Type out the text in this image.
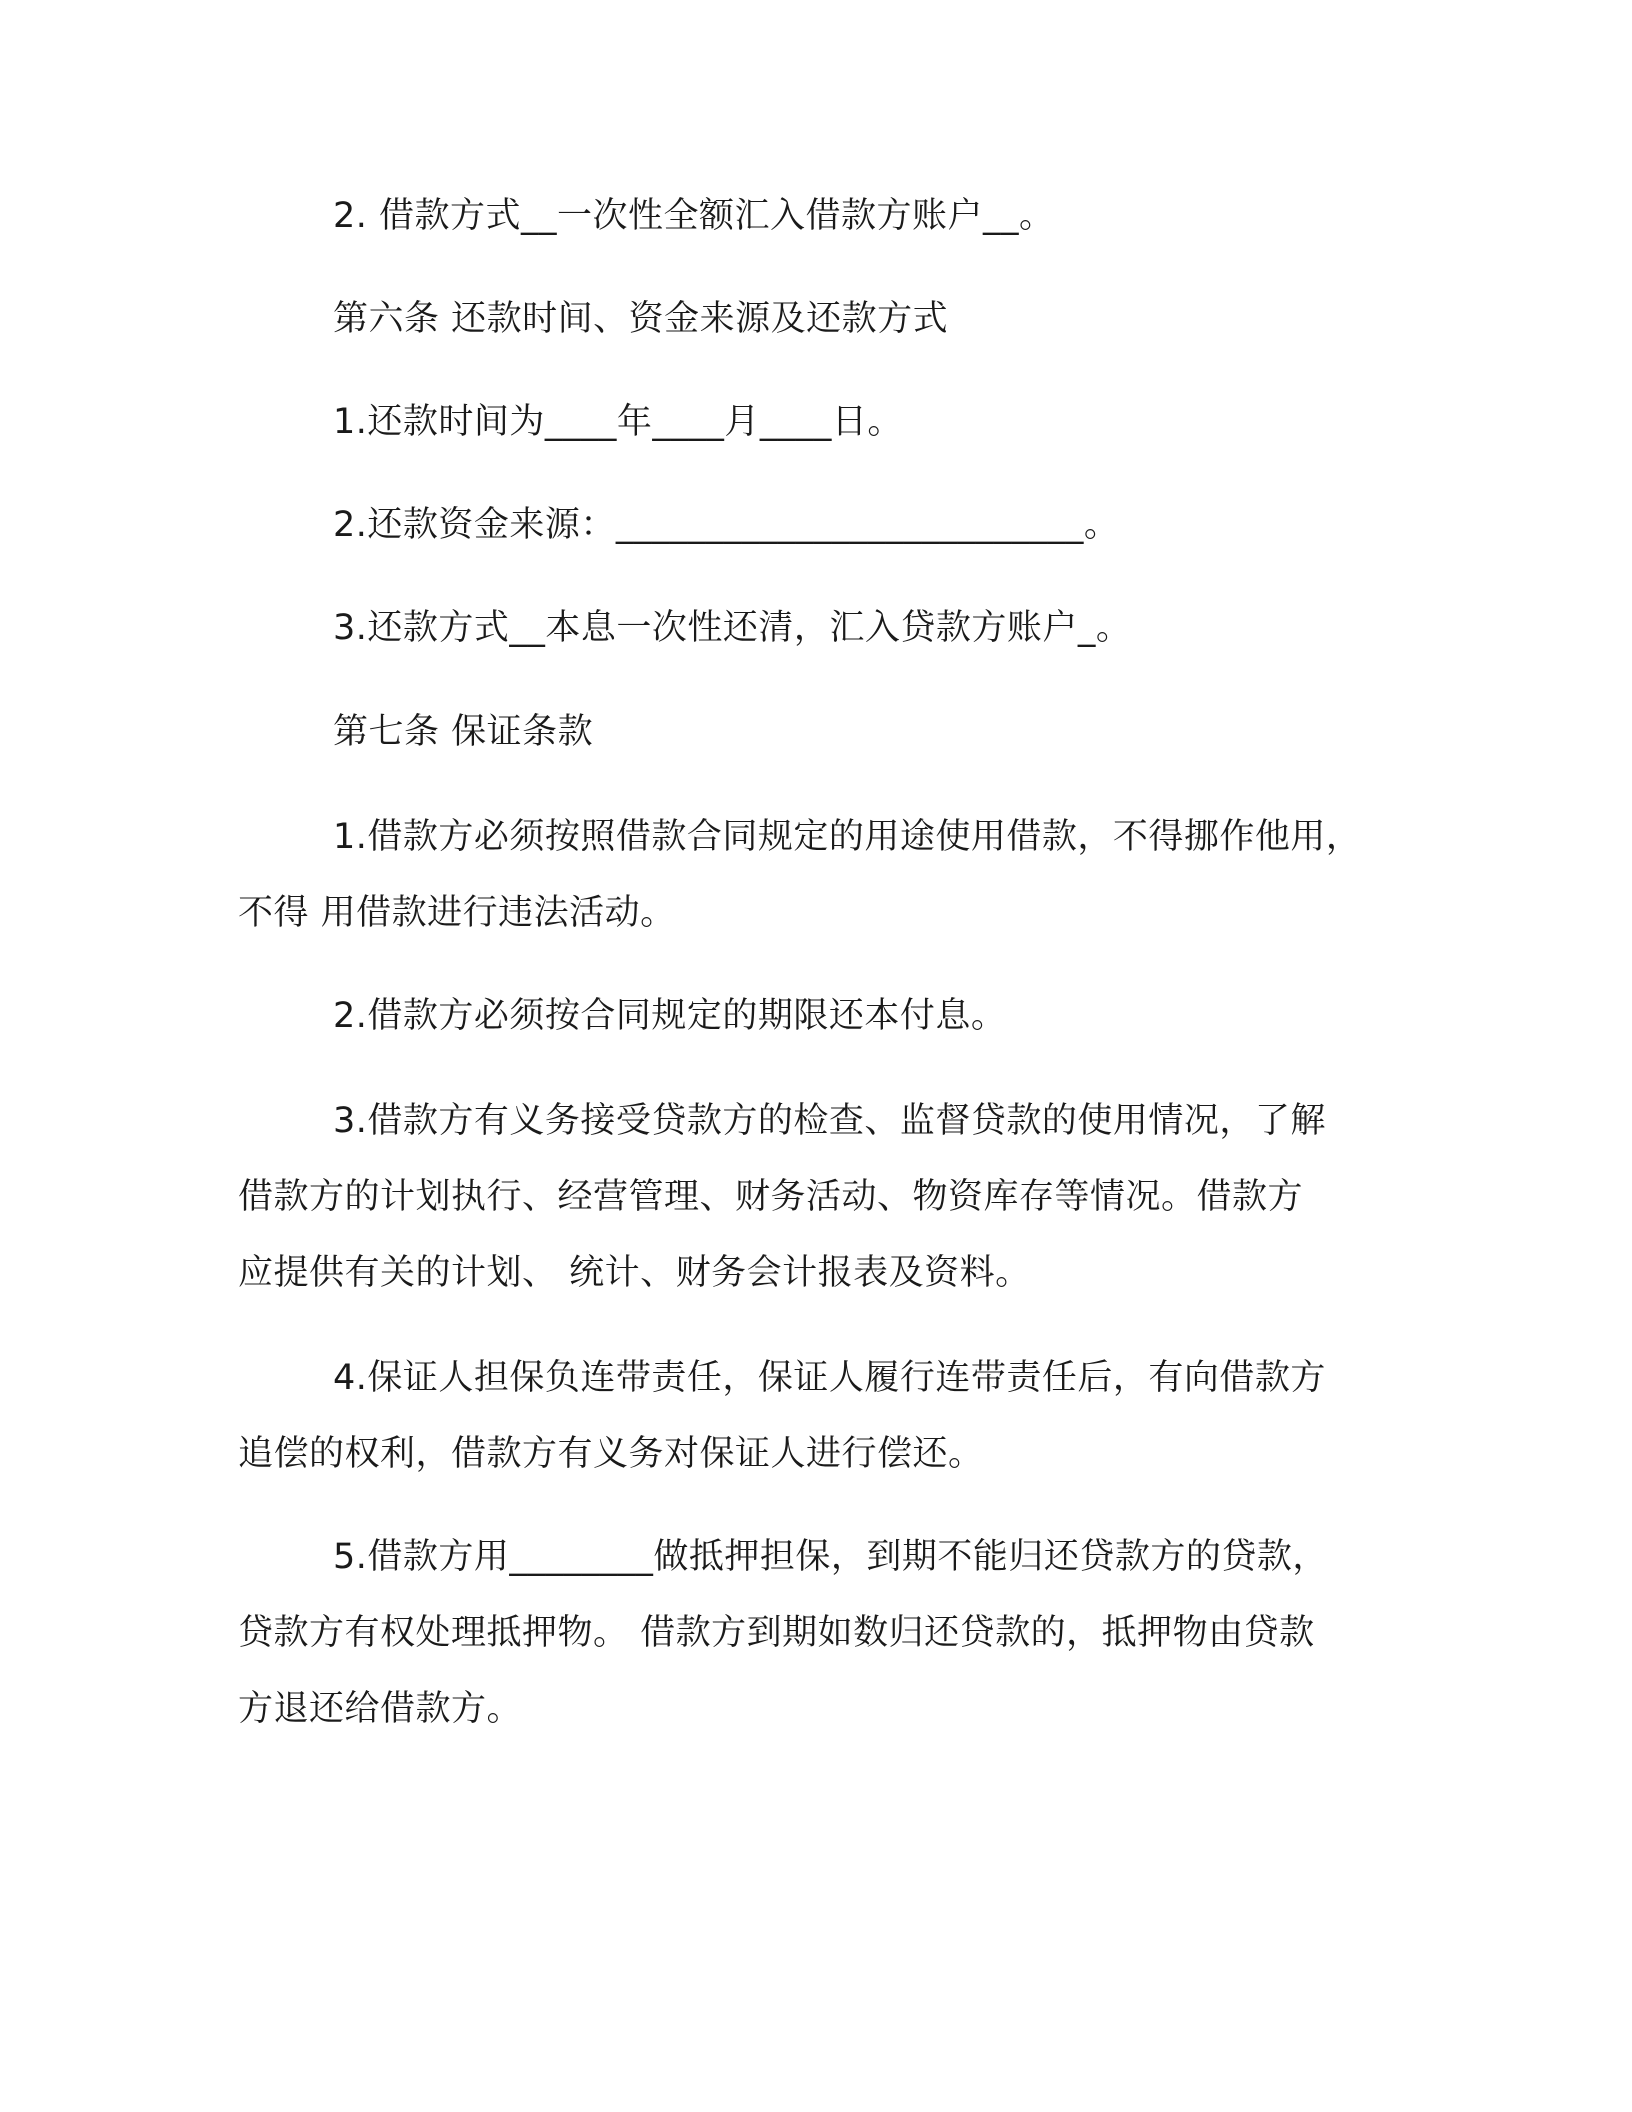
2. 借款方式__一次性全额汇入借款方账户__。
第六条 还款时间、资金来源及还款方式
1.还款时间为____年____月____日。
2.还款资金来源：__________________________。
3.还款方式__本息一次性还清，汇入贷款方账户_。
第七条 保证条款
1.借款方必须按照借款合同规定的用途使用借款，不得挪作他用，
不得 用借款进行违法活动。
2.借款方必须按合同规定的期限还本付息。
3.借款方有义务接受贷款方的检查、监督贷款的使用情况，了解
借款方的计划执行、经营管理、财务活动、物资库存等情况。借款方
应提供有关的计划、 统计、财务会计报表及资料。
4.保证人担保负连带责任，保证人履行连带责任后，有向借款方
追偿的权利，借款方有义务对保证人进行偿还。
5.借款方用________做抵押担保，到期不能归还贷款方的贷款，
贷款方有权处理抵押物。 借款方到期如数归还贷款的，抵押物由贷款
方退还给借款方。
